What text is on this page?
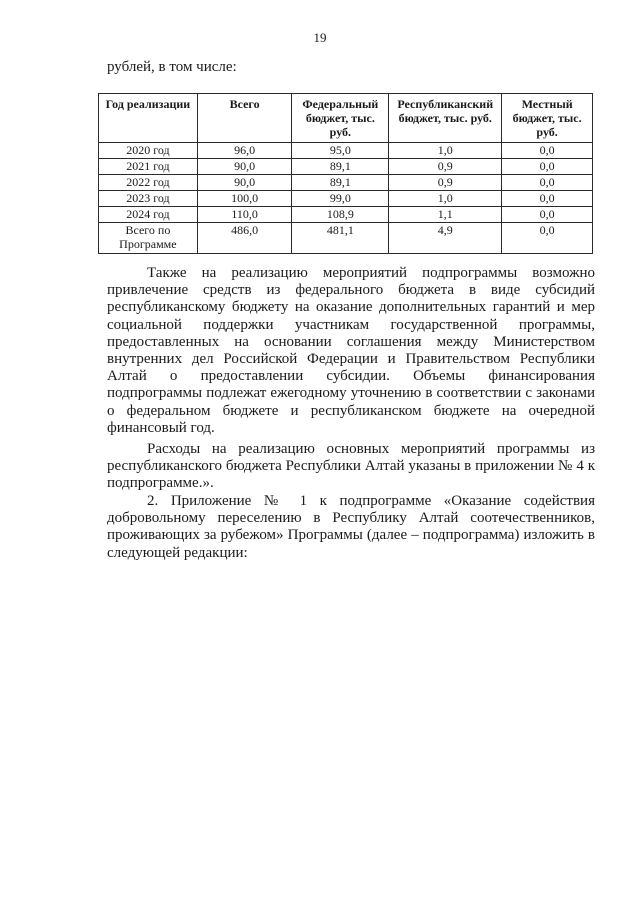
19
рублей, в том числе:
Год реализации	Всего	Федеральный бюджет, тыс. руб.	Республиканский бюджет, тыс. руб.	Местный бюджет, тыс. руб.
2020 год	96,0	95,0	1,0	0,0
2021 год	90,0	89,1	0,9	0,0
2022 год	90,0	89,1	0,9	0,0
2023 год	100,0	99,0	1,0	0,0
2024 год	110,0	108,9	1,1	0,0
Всего по Программе	486,0	481,1	4,9	0,0

Также на реализацию мероприятий подпрограммы возможно привлечение средств из федерального бюджета в виде субсидий республиканскому бюджету на оказание дополнительных гарантий и мер социальной поддержки участникам государственной программы, предоставленных на основании соглашения между Министерством внутренних дел Российской Федерации и Правительством Республики Алтай о предоставлении субсидии. Объемы финансирования подпрограммы подлежат ежегодному уточнению в соответствии с законами о федеральном бюджете и республиканском бюджете на очередной финансовый год.

Расходы на реализацию основных мероприятий программы из республиканского бюджета Республики Алтай указаны в приложении № 4 к подпрограмме.».

2. Приложение № 1 к подпрограмме «Оказание содействия добровольному переселению в Республику Алтай соотечественников, проживающих за рубежом» Программы (далее – подпрограмма) изложить в следующей редакции:
